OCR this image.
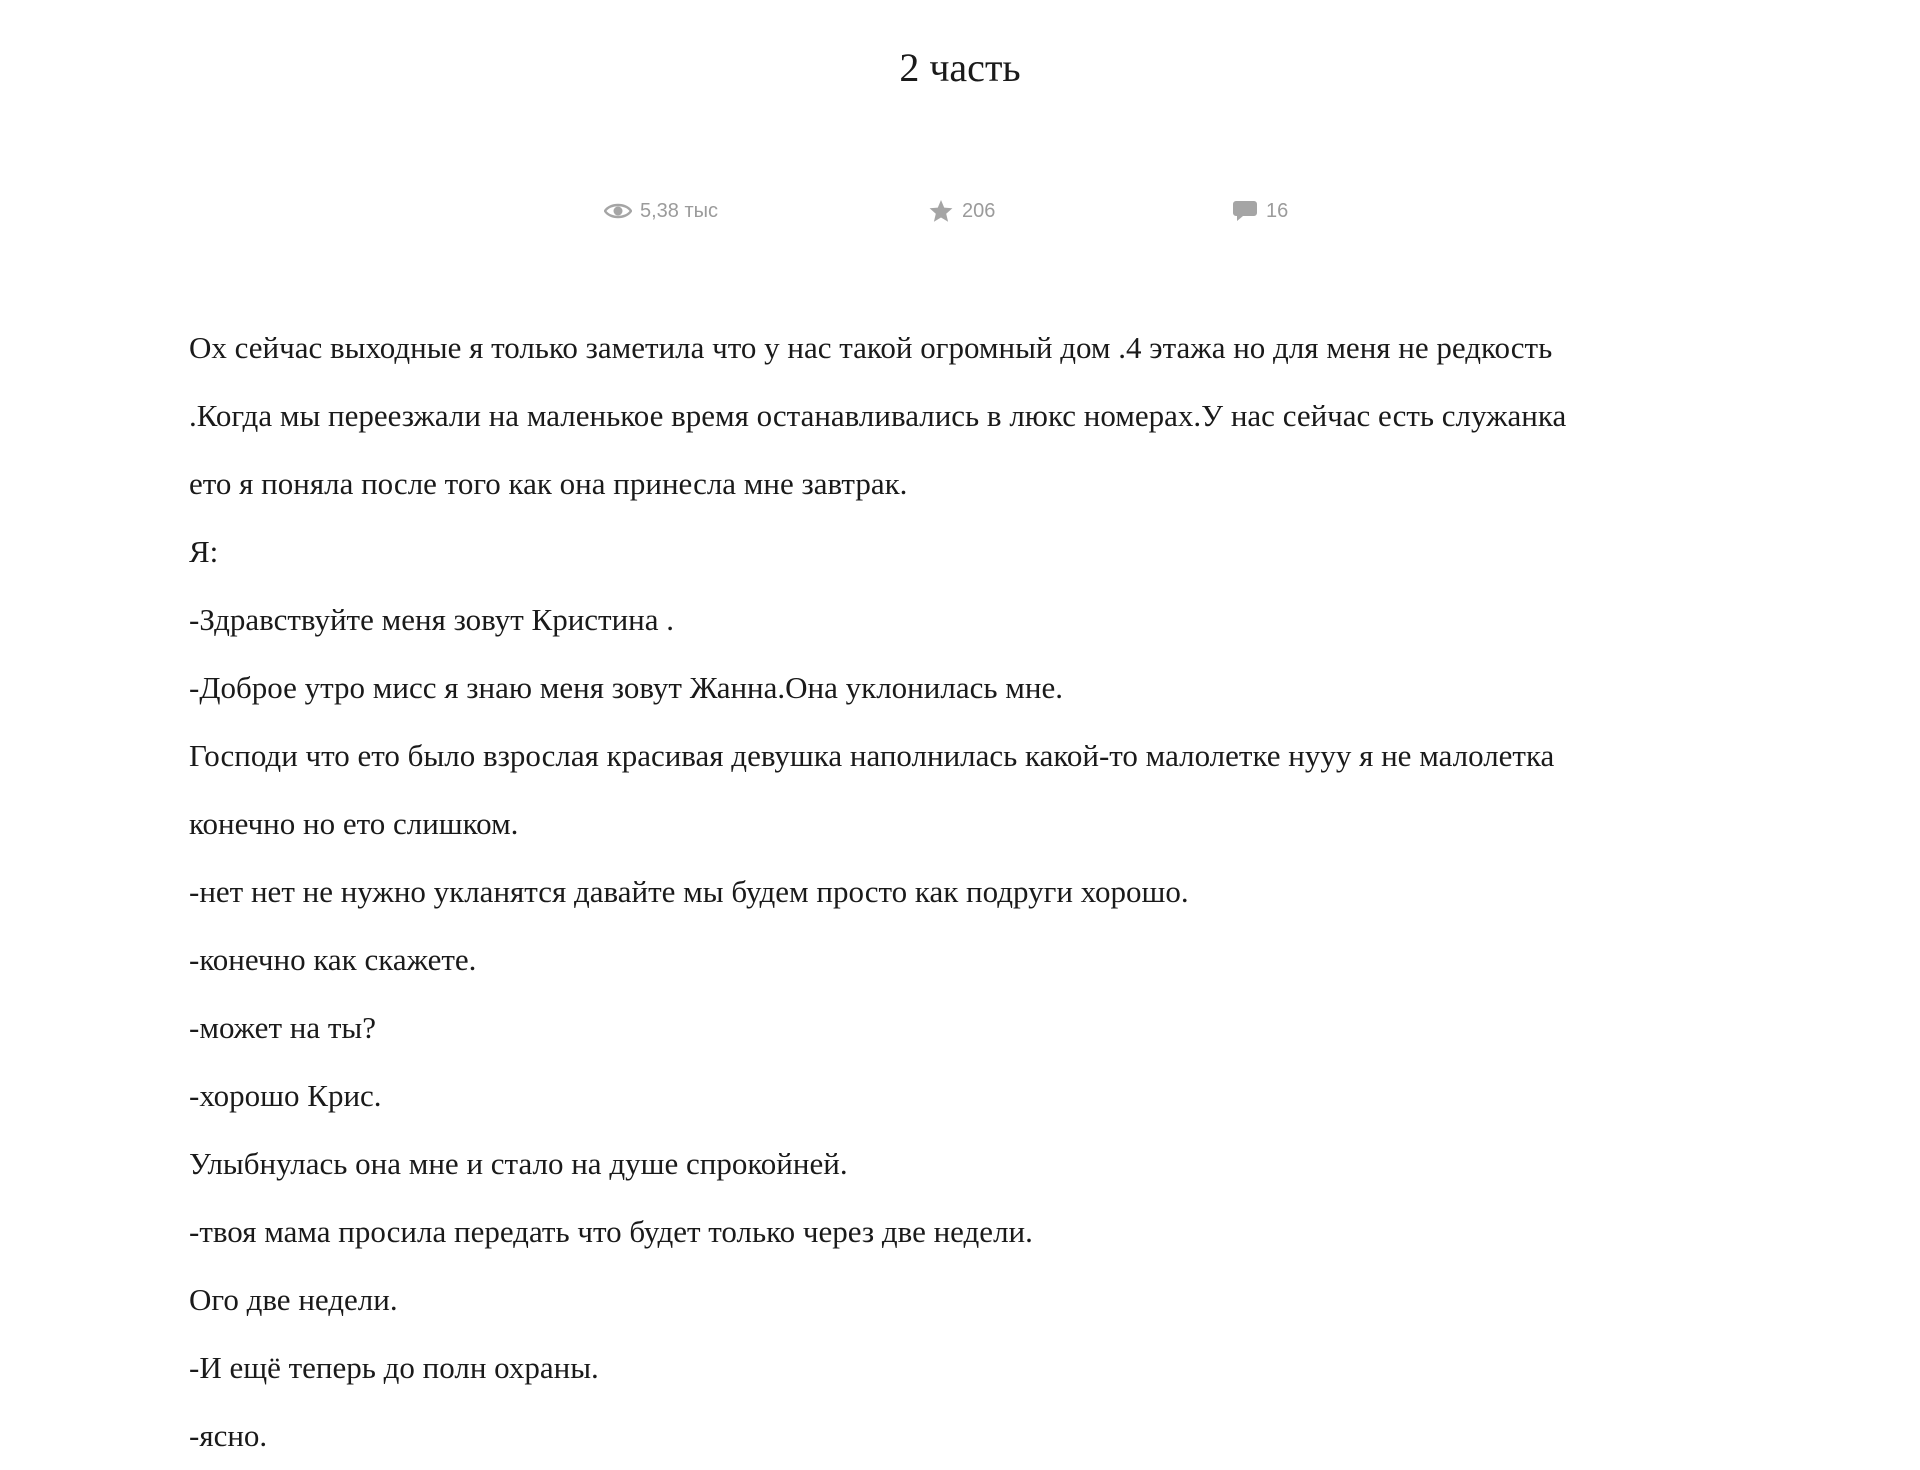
2 часть
5,38 тыс	206	16

Ох сейчас выходные я только заметила что у нас такой огромный дом .4 этажа но для меня не редкость

.Когда мы переезжали на маленькое время останавливались в люкс номерах.У нас сейчас есть служанка

ето я поняла после того как она принесла мне завтрак.

Я:

-Здравствуйте меня зовут Кристина .

-Доброе утро мисс я знаю меня зовут Жанна.Она уклонилась мне.

Господи что ето было взрослая красивая девушка наполнилась какой-то малолетке нууу я не малолетка

конечно но ето слишком.

-нет нет не нужно укланятся давайте мы будем просто как подруги хорошо.

-конечно как скажете.

-может на ты?

-хорошо Крис.

Улыбнулась она мне и стало на душе спрокойней.

-твоя мама просила передать что будет только через две недели.

Ого две недели.

-И ещё теперь до полн охраны.

-ясно.
